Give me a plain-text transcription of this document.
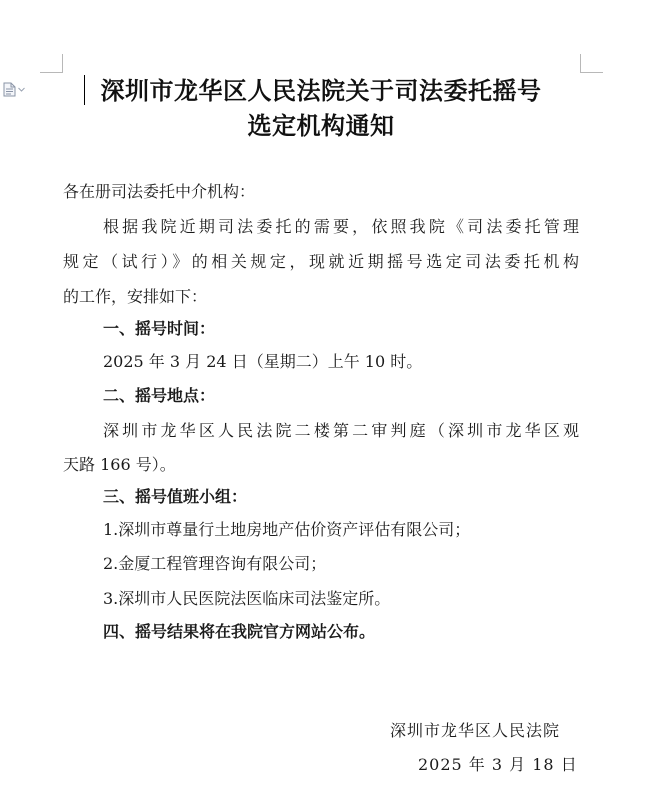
深圳市龙华区人民法院关于司法委托摇号
选定机构通知
各在册司法委托中介机构：
根据我院近期司法委托的需要，依照我院《司法委托管理
规定（试行）》的相关规定，现就近期摇号选定司法委托机构
的工作，安排如下：
一、摇号时间：
2025 年 3 月 24 日（星期二）上午 10 时。
二、摇号地点：
深圳市龙华区人民法院二楼第二审判庭（深圳市龙华区观
天路 166 号）。
三、摇号值班小组：
1.深圳市尊量行土地房地产估价资产评估有限公司；
2.金厦工程管理咨询有限公司；
3.深圳市人民医院法医临床司法鉴定所。
四、摇号结果将在我院官方网站公布。
深圳市龙华区人民法院
2025 年 3 月 18 日
